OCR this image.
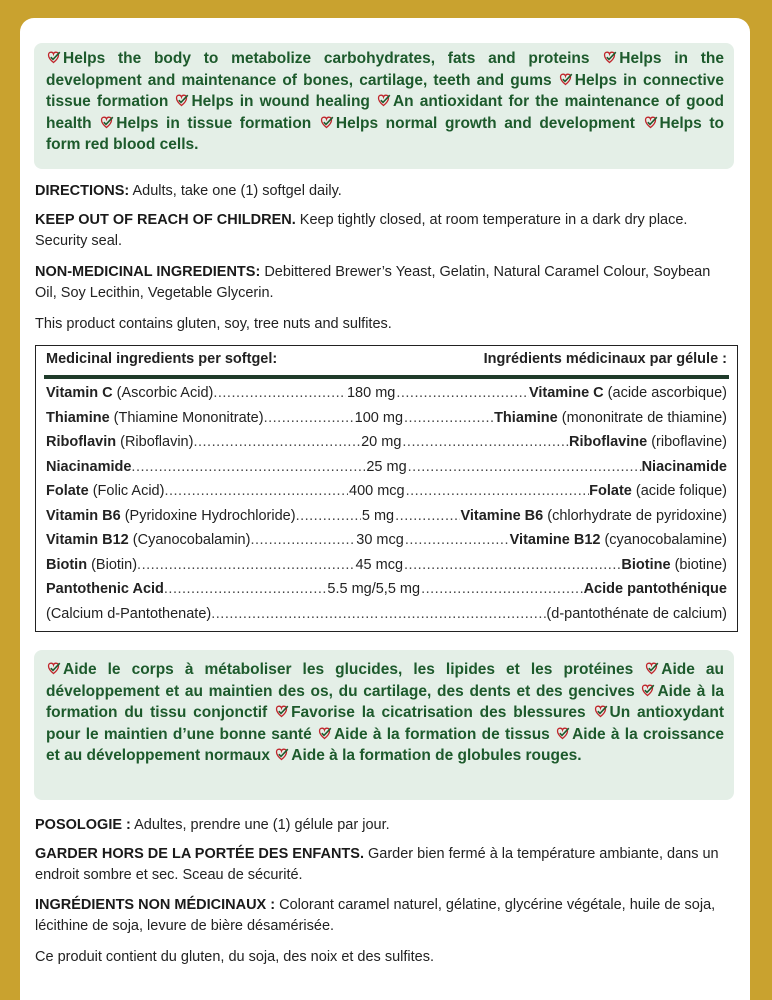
Helps the body to metabolize carbohydrates, fats and proteins Helps in the development and maintenance of bones, cartilage, teeth and gums Helps in connective tissue formation Helps in wound healing An antioxidant for the maintenance of good health Helps in tissue formation Helps normal growth and development Helps to form red blood cells.
DIRECTIONS: Adults, take one (1) softgel daily.
KEEP OUT OF REACH OF CHILDREN. Keep tightly closed, at room temperature in a dark dry place. Security seal.
NON-MEDICINAL INGREDIENTS: Debittered Brewer’s Yeast, Gelatin, Natural Caramel Colour, Soybean Oil, Soy Lecithin, Vegetable Glycerin.
This product contains gluten, soy, tree nuts and sulfites.
Medicinal ingredients per softgel:	Ingrédients médicinaux par gélule :
Vitamin C (Ascorbic Acid) .....	180 mg .....	Vitamine C (acide ascorbique)
Thiamine (Thiamine Mononitrate) .....	100 mg .....	Thiamine (mononitrate de thiamine)
Riboflavin (Riboflavin) .....	20 mg .....	Riboflavine (riboflavine)
Niacinamide .....	25 mg .....	Niacinamide
Folate (Folic Acid) .....	400 mcg .....	Folate (acide folique)
Vitamin B6 (Pyridoxine Hydrochloride) .....	5 mg .....	Vitamine B6 (chlorhydrate de pyridoxine)
Vitamin B12 (Cyanocobalamin) .....	30 mcg .....	Vitamine B12 (cyanocobalamine)
Biotin (Biotin) .....	45 mcg .....	Biotine (biotine)
Pantothenic Acid .....	5.5 mg/5,5 mg .....	Acide pantothénique
(Calcium d-Pantothenate) ..... .....	(d-pantothénate de calcium)
Aide le corps à métaboliser les glucides, les lipides et les protéines Aide au développement et au maintien des os, du cartilage, des dents et des gencives Aide à la formation du tissu conjonctif Favorise la cicatrisation des blessures Un antioxydant pour le maintien d’une bonne santé Aide à la formation de tissus Aide à la croissance et au développement normaux Aide à la formation de globules rouges.
POSOLOGIE : Adultes, prendre une (1) gélule par jour.
GARDER HORS DE LA PORTÉE DES ENFANTS. Garder bien fermé à la température ambiante, dans un endroit sombre et sec. Sceau de sécurité.
INGRÉDIENTS NON MÉDICINAUX : Colorant caramel naturel, gélatine, glycérine végétale, huile de soja, lécithine de soja, levure de bière désamérisée.
Ce produit contient du gluten, du soja, des noix et des sulfites.
